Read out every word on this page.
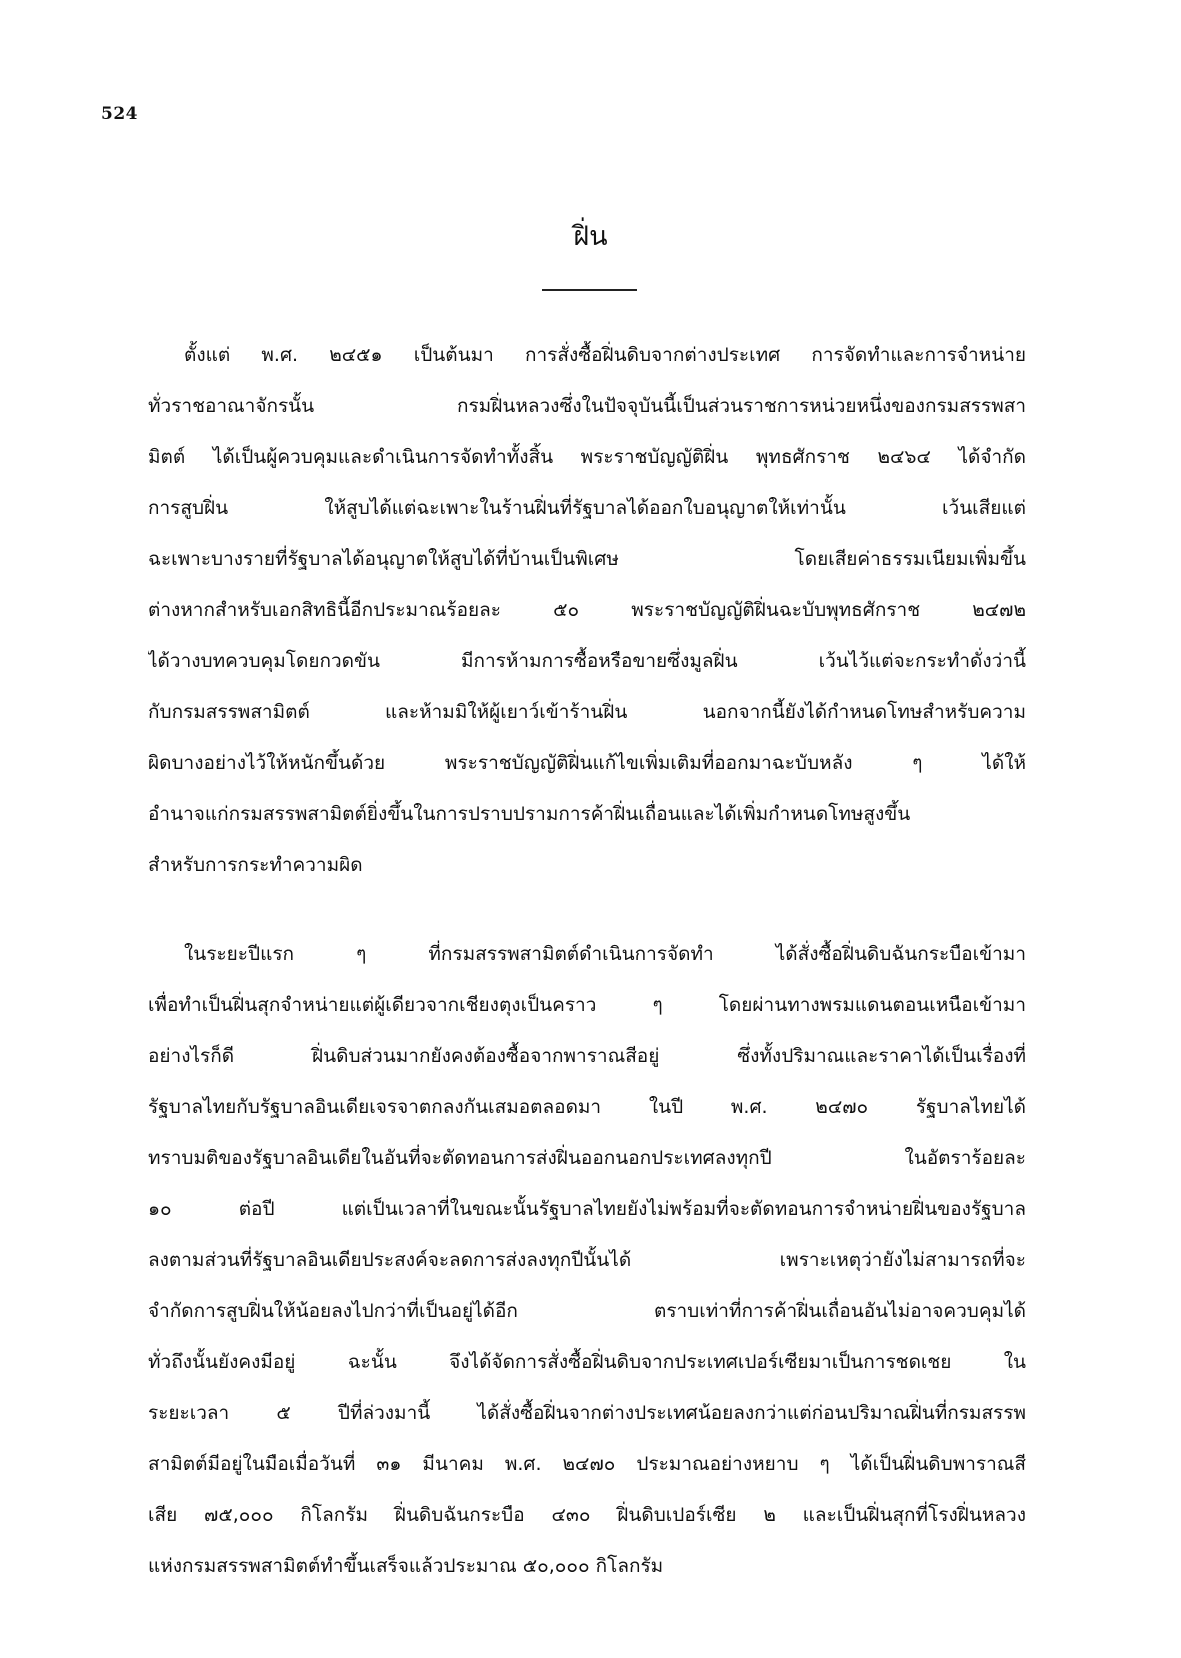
524
ฝิ่น

ตั้งแต่ พ.ศ. ๒๔๕๑ เป็นต้นมา การสั่งซื้อฝิ่นดิบจากต่างประเทศ การจัดทำและการจำหน่าย
ทั่วราชอาณาจักรนั้น กรมฝิ่นหลวงซึ่งในปัจจุบันนี้เป็นส่วนราชการหน่วยหนึ่งของกรมสรรพสา
มิตต์ ได้เป็นผู้ควบคุมและดำเนินการจัดทำทั้งสิ้น พระราชบัญญัติฝิ่น พุทธศักราช ๒๔๖๔ ได้จำกัด
การสูบฝิ่น ให้สูบได้แต่ฉะเพาะในร้านฝิ่นที่รัฐบาลได้ออกใบอนุญาตให้เท่านั้น เว้นเสียแต่
ฉะเพาะบางรายที่รัฐบาลได้อนุญาตให้สูบได้ที่บ้านเป็นพิเศษ โดยเสียค่าธรรมเนียมเพิ่มขึ้น
ต่างหากสำหรับเอกสิทธินี้อีกประมาณร้อยละ ๕๐ พระราชบัญญัติฝิ่นฉะบับพุทธศักราช ๒๔๗๒
ได้วางบทควบคุมโดยกวดขัน มีการห้ามการซื้อหรือขายซึ่งมูลฝิ่น เว้นไว้แต่จะกระทำดั่งว่านี้
กับกรมสรรพสามิตต์ และห้ามมิให้ผู้เยาว์เข้าร้านฝิ่น นอกจากนี้ยังได้กำหนดโทษสำหรับความ
ผิดบางอย่างไว้ให้หนักขึ้นด้วย พระราชบัญญัติฝิ่นแก้ไขเพิ่มเติมที่ออกมาฉะบับหลัง ๆ ได้ให้
อำนาจแก่กรมสรรพสามิตต์ยิ่งขึ้นในการปราบปรามการค้าฝิ่นเถื่อนและได้เพิ่มกำหนดโทษสูงขึ้น
สำหรับการกระทำความผิด

ในระยะปีแรก ๆ ที่กรมสรรพสามิตต์ดำเนินการจัดทำ ได้สั่งซื้อฝิ่นดิบฉันกระบือเข้ามา
เพื่อทำเป็นฝิ่นสุกจำหน่ายแต่ผู้เดียวจากเชียงตุงเป็นคราว ๆ โดยผ่านทางพรมแดนตอนเหนือเข้ามา
อย่างไรก็ดี ฝิ่นดิบส่วนมากยังคงต้องซื้อจากพาราณสีอยู่ ซึ่งทั้งปริมาณและราคาได้เป็นเรื่องที่
รัฐบาลไทยกับรัฐบาลอินเดียเจรจาตกลงกันเสมอตลอดมา ในปี พ.ศ. ๒๔๗๐ รัฐบาลไทยได้
ทราบมติของรัฐบาลอินเดียในอันที่จะตัดทอนการส่งฝิ่นออกนอกประเทศลงทุกปี ในอัตราร้อยละ
๑๐ ต่อปี แต่เป็นเวลาที่ในขณะนั้นรัฐบาลไทยยังไม่พร้อมที่จะตัดทอนการจำหน่ายฝิ่นของรัฐบาล
ลงตามส่วนที่รัฐบาลอินเดียประสงค์จะลดการส่งลงทุกปีนั้นได้ เพราะเหตุว่ายังไม่สามารถที่จะ
จำกัดการสูบฝิ่นให้น้อยลงไปกว่าที่เป็นอยู่ได้อีก ตราบเท่าที่การค้าฝิ่นเถื่อนอันไม่อาจควบคุมได้
ทั่วถึงนั้นยังคงมีอยู่ ฉะนั้น จึงได้จัดการสั่งซื้อฝิ่นดิบจากประเทศเปอร์เซียมาเป็นการชดเชย ใน
ระยะเวลา ๕ ปีที่ล่วงมานี้ ได้สั่งซื้อฝิ่นจากต่างประเทศน้อยลงกว่าแต่ก่อนปริมาณฝิ่นที่กรมสรรพ
สามิตต์มีอยู่ในมือเมื่อวันที่ ๓๑ มีนาคม พ.ศ. ๒๔๗๐ ประมาณอย่างหยาบ ๆ ได้เป็นฝิ่นดิบพาราณสี
เสีย ๗๕,๐๐๐ กิโลกรัม ฝิ่นดิบฉันกระบือ ๔๓๐ ฝิ่นดิบเปอร์เซีย ๒ และเป็นฝิ่นสุกที่โรงฝิ่นหลวง
แห่งกรมสรรพสามิตต์ทำขึ้นเสร็จแล้วประมาณ ๕๐,๐๐๐ กิโลกรัม
